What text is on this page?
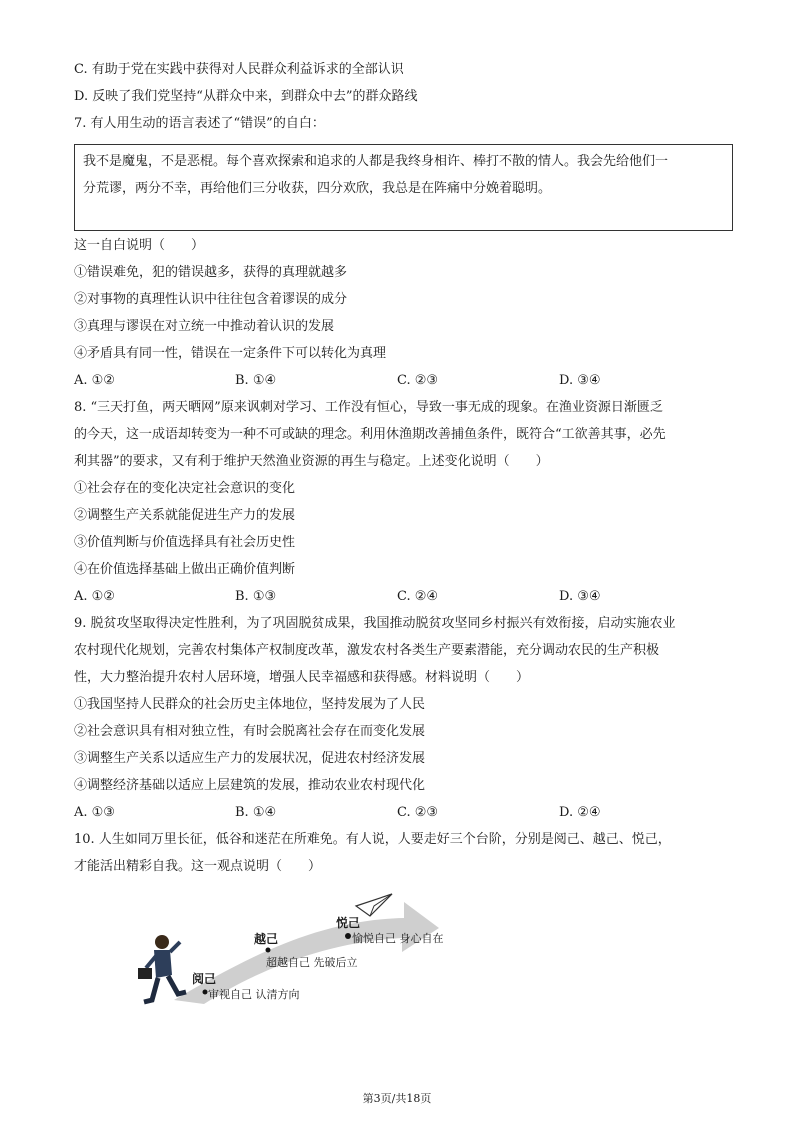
C. 有助于党在实践中获得对人民群众利益诉求的全部认识
D. 反映了我们党坚持“从群众中来，到群众中去”的群众路线
7. 有人用生动的语言表述了“错误”的自白：
我不是魔鬼，不是恶棍。每个喜欢探索和追求的人都是我终身相许、棒打不散的情人。我会先给他们一
分荒谬，两分不幸，再给他们三分收获，四分欢欣，我总是在阵痛中分娩着聪明。
这一自白说明（　　）
①错误难免，犯的错误越多，获得的真理就越多
②对事物的真理性认识中往往包含着谬误的成分
③真理与谬误在对立统一中推动着认识的发展
④矛盾具有同一性，错误在一定条件下可以转化为真理
A. ①②	B. ①④	C. ②③	D. ③④
8. “三天打鱼，两天晒网”原来讽刺对学习、工作没有恒心，导致一事无成的现象。在渔业资源日渐匮乏
的今天，这一成语却转变为一种不可或缺的理念。利用休渔期改善捕鱼条件，既符合“工欲善其事，必先
利其器”的要求，又有利于维护天然渔业资源的再生与稳定。上述变化说明（　　）
①社会存在的变化决定社会意识的变化
②调整生产关系就能促进生产力的发展
③价值判断与价值选择具有社会历史性
④在价值选择基础上做出正确价值判断
A. ①②	B. ①③	C. ②④	D. ③④
9. 脱贫攻坚取得决定性胜利，为了巩固脱贫成果，我国推动脱贫攻坚同乡村振兴有效衔接，启动实施农业
农村现代化规划，完善农村集体产权制度改革，激发农村各类生产要素潜能，充分调动农民的生产积极
性，大力整治提升农村人居环境，增强人民幸福感和获得感。材料说明（　　）
①我国坚持人民群众的社会历史主体地位，坚持发展为了人民
②社会意识具有相对独立性，有时会脱离社会存在而变化发展
③调整生产关系以适应生产力的发展状况，促进农村经济发展
④调整经济基础以适应上层建筑的发展，推动农业农村现代化
A. ①③	B. ①④	C. ②③	D. ②④
10. 人生如同万里长征，低谷和迷茫在所难免。有人说，人要走好三个台阶，分别是阅己、越己、悦己，
才能活出精彩自我。这一观点说明（　　）
阅己
审视自己 认清方向
越己
超越自己 先破后立
悦己
愉悦自己 身心自在
第3页/共18页
